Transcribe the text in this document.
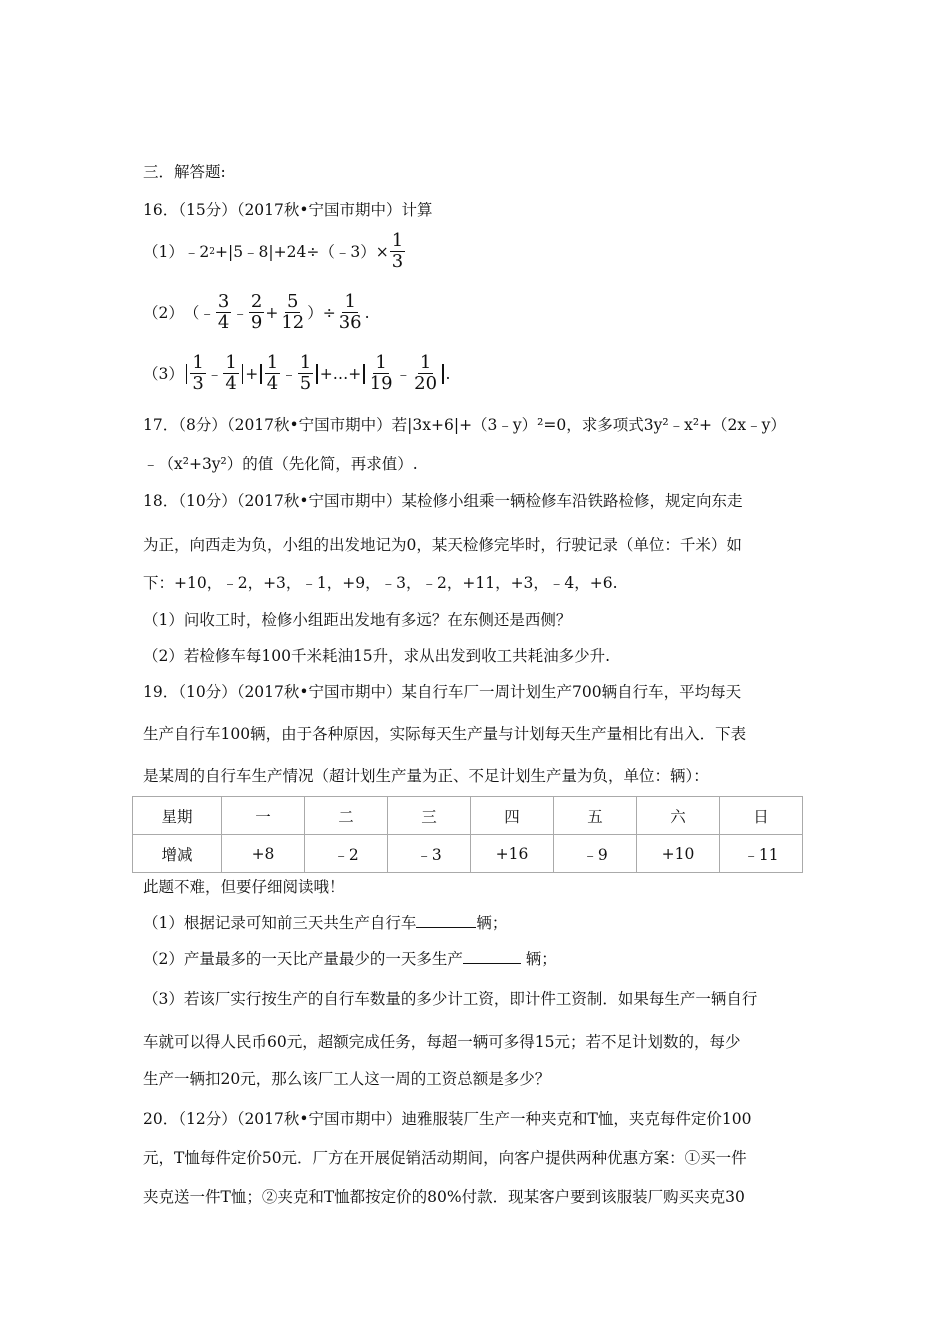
三．解答题:
16．（15分）（2017秋•宁国市期中）计算
（1） ﹣2 2 +|5﹣8|+24÷（﹣3）× $\frac{1}{3}$
（2） （﹣ $\frac{3}{4}$ ﹣ $\frac{2}{9} + \frac{5}{12}$ ）÷ $\frac{1}{36}$ .
$(3) \frac{1}{3}$ ﹣ $\frac{1}{4} + \frac{1}{4}$ ﹣ $\frac{1}{5}$ +…+ $\frac{1}{19}$ ﹣ $\frac{1}{20}$ .
17．（8分）（2017秋•宁国市期中）若|3x+6|+（3﹣y）²=0，求多项式3y²﹣x²+（2x﹣y）
﹣（x²+3y²）的值（先化简，再求值）.
18．（10分）（2017秋•宁国市期中）某检修小组乘一辆检修车沿铁路检修，规定向东走
为正，向西走为负，小组的出发地记为0，某天检修完毕时，行驶记录（单位：千米）如
下：+10，﹣2，+3，﹣1，+9，﹣3，﹣2，+11，+3，﹣4，+6.
（1）问收工时，检修小组距出发地有多远？在东侧还是西侧？
（2）若检修车每100千米耗油15升，求从出发到收工共耗油多少升.
19．（10分）（2017秋•宁国市期中）某自行车厂一周计划生产700辆自行车，平均每天
生产自行车100辆，由于各种原因，实际每天生产量与计划每天生产量相比有出入．下表
是某周的自行车生产情况（超计划生产量为正、不足计划生产量为负，单位：辆）：
星期	一	二	三	四	五	六	日
增减	+8	﹣2	﹣3	+16	﹣9	+10	﹣11
此题不难，但要仔细阅读哦！
（1）根据记录可知前三天共生产自行车	辆；
（2）产量最多的一天比产量最少的一天多生产	辆；
（3）若该厂实行按生产的自行车数量的多少计工资，即计件工资制．如果每生产一辆自行
车就可以得人民币60元，超额完成任务，每超一辆可多得15元；若不足计划数的，每少
生产一辆扣20元，那么该厂工人这一周的工资总额是多少？
20．（12分）（2017秋•宁国市期中）迪雅服装厂生产一种夹克和T恤，夹克每件定价100
元，T恤每件定价50元．厂方在开展促销活动期间，向客户提供两种优惠方案：①买一件
夹克送一件T恤；②夹克和T恤都按定价的80%付款．现某客户要到该服装厂购买夹克30
